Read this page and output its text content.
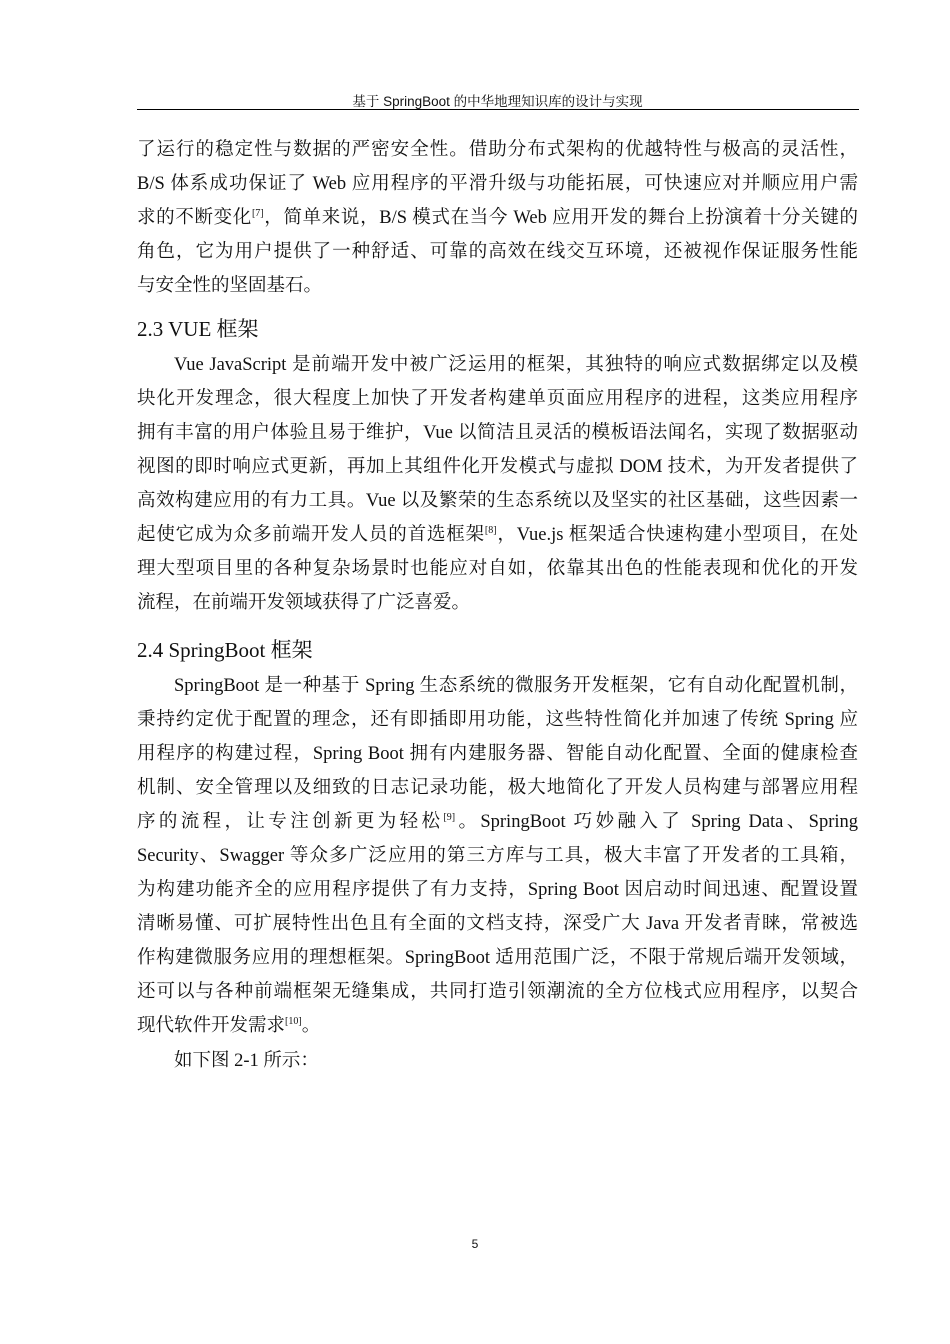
基于 SpringBoot 的中华地理知识库的设计与实现
了运行的稳定性与数据的严密安全性。借助分布式架构的优越特性与极高的灵活性，
B/S 体系成功保证了 Web 应用程序的平滑升级与功能拓展，可快速应对并顺应用户需
求的不断变化[7]，简单来说，B/S 模式在当今 Web 应用开发的舞台上扮演着十分关键的
角色，它为用户提供了一种舒适、可靠的高效在线交互环境，还被视作保证服务性能
与安全性的坚固基石。
2.3 VUE 框架
Vue JavaScript 是前端开发中被广泛运用的框架，其独特的响应式数据绑定以及模
块化开发理念，很大程度上加快了开发者构建单页面应用程序的进程，这类应用程序
拥有丰富的用户体验且易于维护，Vue 以简洁且灵活的模板语法闻名，实现了数据驱动
视图的即时响应式更新，再加上其组件化开发模式与虚拟 DOM 技术，为开发者提供了
高效构建应用的有力工具。Vue 以及繁荣的生态系统以及坚实的社区基础，这些因素一
起使它成为众多前端开发人员的首选框架[8]，Vue.js 框架适合快速构建小型项目，在处
理大型项目里的各种复杂场景时也能应对自如，依靠其出色的性能表现和优化的开发
流程，在前端开发领域获得了广泛喜爱。
2.4 SpringBoot 框架
SpringBoot 是一种基于 Spring 生态系统的微服务开发框架，它有自动化配置机制，
秉持约定优于配置的理念，还有即插即用功能，这些特性简化并加速了传统 Spring 应
用程序的构建过程，Spring Boot 拥有内建服务器、智能自动化配置、全面的健康检查
机制、安全管理以及细致的日志记录功能，极大地简化了开发人员构建与部署应用程
序的流程，让专注创新更为轻松[9]。SpringBoot 巧妙融入了 Spring Data、Spring
Security、Swagger 等众多广泛应用的第三方库与工具，极大丰富了开发者的工具箱，
为构建功能齐全的应用程序提供了有力支持，Spring Boot 因启动时间迅速、配置设置
清晰易懂、可扩展特性出色且有全面的文档支持，深受广大 Java 开发者青睐，常被选
作构建微服务应用的理想框架。SpringBoot 适用范围广泛，不限于常规后端开发领域，
还可以与各种前端框架无缝集成，共同打造引领潮流的全方位栈式应用程序，以契合
现代软件开发需求[10]。
如下图 2-1 所示：
5
